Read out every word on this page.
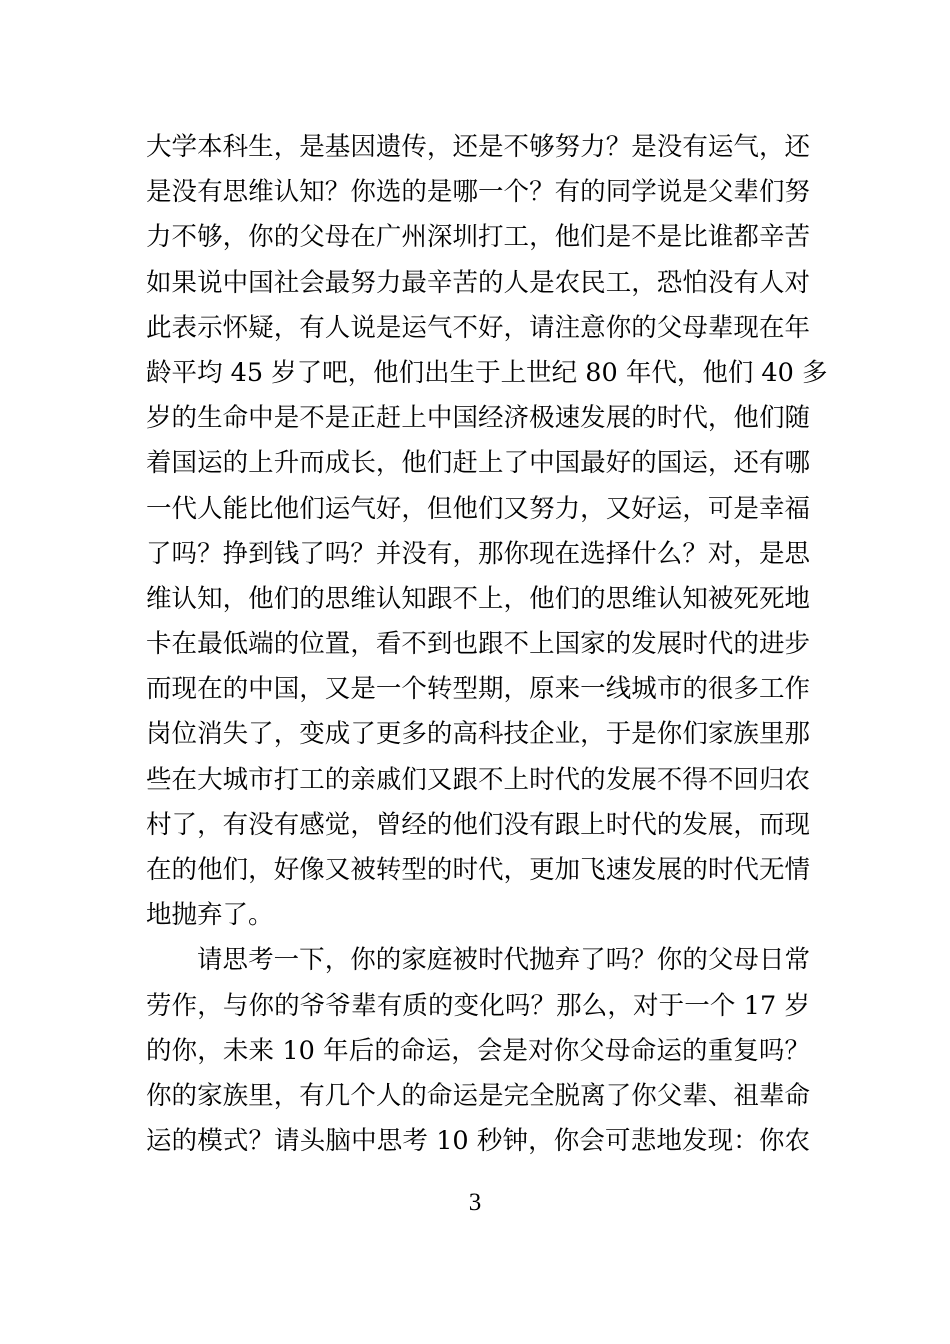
大学本科生，是基因遗传，还是不够努力？是没有运气，还
是没有思维认知？你选的是哪一个？有的同学说是父辈们努
力不够，你的父母在广州深圳打工，他们是不是比谁都辛苦
如果说中国社会最努力最辛苦的人是农民工，恐怕没有人对
此表示怀疑，有人说是运气不好，请注意你的父母辈现在年
龄平均 45 岁了吧，他们出生于上世纪 80 年代，他们 40 多
岁的生命中是不是正赶上中国经济极速发展的时代，他们随
着国运的上升而成长，他们赶上了中国最好的国运，还有哪
一代人能比他们运气好，但他们又努力，又好运，可是幸福
了吗？挣到钱了吗？并没有，那你现在选择什么？对，是思
维认知，他们的思维认知跟不上，他们的思维认知被死死地
卡在最低端的位置，看不到也跟不上国家的发展时代的进步
而现在的中国，又是一个转型期，原来一线城市的很多工作
岗位消失了，变成了更多的高科技企业，于是你们家族里那
些在大城市打工的亲戚们又跟不上时代的发展不得不回归农
村了，有没有感觉，曾经的他们没有跟上时代的发展，而现
在的他们，好像又被转型的时代，更加飞速发展的时代无情
地抛弃了。
请思考一下，你的家庭被时代抛弃了吗？你的父母日常
劳作，与你的爷爷辈有质的变化吗？那么，对于一个 17 岁
的你，未来 10 年后的命运，会是对你父母命运的重复吗？
你的家族里，有几个人的命运是完全脱离了你父辈、祖辈命
运的模式？请头脑中思考 10 秒钟，你会可悲地发现：你农
3
